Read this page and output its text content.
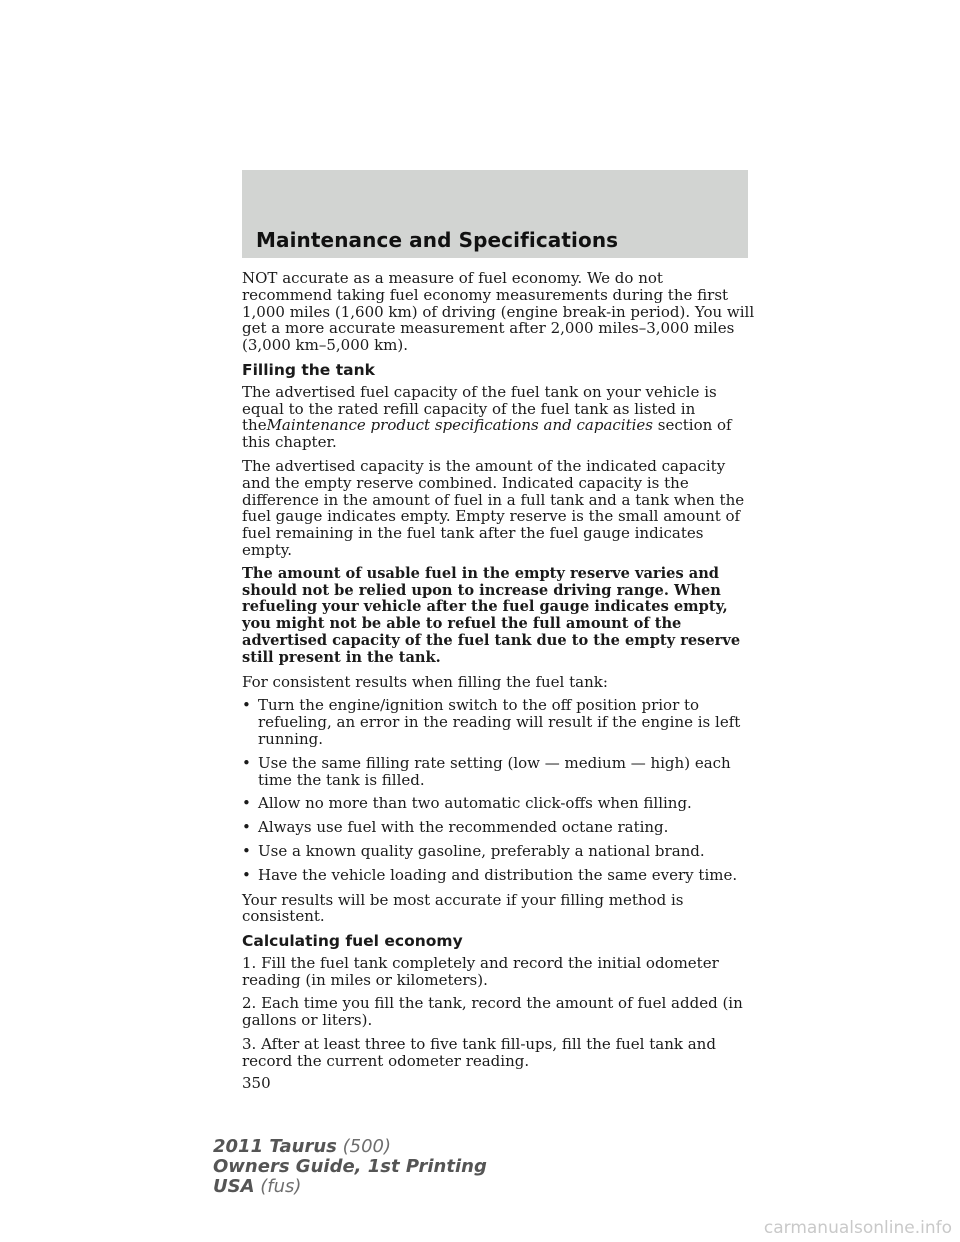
Maintenance and Specifications

NOT accurate as a measure of fuel economy. We do not recommend taking fuel economy measurements during the first 1,000 miles (1,600 km) of driving (engine break-in period). You will get a more accurate measurement after 2,000 miles–3,000 miles (3,000 km–5,000 km).

Filling the tank

The advertised fuel capacity of the fuel tank on your vehicle is equal to the rated refill capacity of the fuel tank as listed in theMaintenance product specifications and capacities section of this chapter.

The advertised capacity is the amount of the indicated capacity and the empty reserve combined. Indicated capacity is the difference in the amount of fuel in a full tank and a tank when the fuel gauge indicates empty. Empty reserve is the small amount of fuel remaining in the fuel tank after the fuel gauge indicates empty.

The amount of usable fuel in the empty reserve varies and should not be relied upon to increase driving range. When refueling your vehicle after the fuel gauge indicates empty, you might not be able to refuel the full amount of the advertised capacity of the fuel tank due to the empty reserve still present in the tank.

For consistent results when filling the fuel tank:

• Turn the engine/ignition switch to the off position prior to refueling, an error in the reading will result if the engine is left running.
• Use the same filling rate setting (low — medium — high) each time the tank is filled.
• Allow no more than two automatic click-offs when filling.
• Always use fuel with the recommended octane rating.
• Use a known quality gasoline, preferably a national brand.
• Have the vehicle loading and distribution the same every time.

Your results will be most accurate if your filling method is consistent.

Calculating fuel economy

1. Fill the fuel tank completely and record the initial odometer reading (in miles or kilometers).

2. Each time you fill the tank, record the amount of fuel added (in gallons or liters).

3. After at least three to five tank fill-ups, fill the fuel tank and record the current odometer reading.

350

2011 Taurus (500)
Owners Guide, 1st Printing
USA (fus)
carmanualsonline.info
